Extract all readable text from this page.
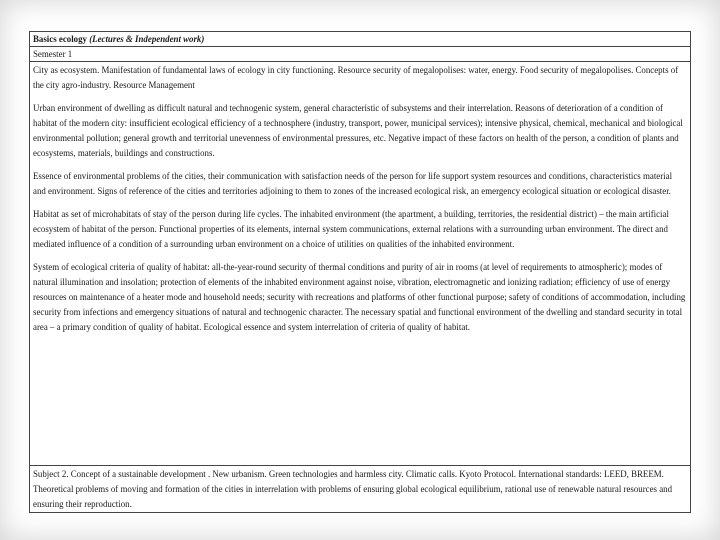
Basics ecology (Lectures & Independent work)
Semester 1

City as ecosystem. Manifestation of fundamental laws of ecology in city functioning. Resource security of megalopolises: water, energy. Food security of megalopolises. Concepts of the city agro-industry. Resource Management

Urban environment of dwelling as difficult natural and technogenic system, general characteristic of subsystems and their interrelation. Reasons of deterioration of a condition of habitat of the modern city: insufficient ecological efficiency of a technosphere (industry, transport, power, municipal services); intensive physical, chemical, mechanical and biological environmental pollution; general growth and territorial unevenness of environmental pressures, etc. Negative impact of these factors on health of the person, a condition of plants and ecosystems, materials, buildings and constructions.

Essence of environmental problems of the cities, their communication with satisfaction needs of the person for life support system resources and conditions, characteristics material and environment. Signs of reference of the cities and territories adjoining to them to zones of the increased ecological risk, an emergency ecological situation or ecological disaster.

Habitat as set of microhabitats of stay of the person during life cycles. The inhabited environment (the apartment, a building, territories, the residential district) – the main artificial ecosystem of habitat of the person. Functional properties of its elements, internal system communications, external relations with a surrounding urban environment. The direct and mediated influence of a condition of a surrounding urban environment on a choice of utilities on qualities of the inhabited environment.

System of ecological criteria of quality of habitat: all-the-year-round security of thermal conditions and purity of air in rooms (at level of requirements to atmospheric); modes of natural illumination and insolation; protection of elements of the inhabited environment against noise, vibration, electromagnetic and ionizing radiation; efficiency of use of energy resources on maintenance of a heater mode and household needs; security with recreations and platforms of other functional purpose; safety of conditions of accommodation, including security from infections and emergency situations of natural and technogenic character. The necessary spatial and functional environment of the dwelling and standard security in total area – a primary condition of quality of habitat. Ecological essence and system interrelation of criteria of quality of habitat.

Subject 2. Concept of a sustainable development . New urbanism. Green technologies and harmless city. Climatic calls. Kyoto Protocol. International standards: LEED, BREEM. Theoretical problems of moving and formation of the cities in interrelation with problems of ensuring global ecological equilibrium, rational use of renewable natural resources and ensuring their reproduction.
